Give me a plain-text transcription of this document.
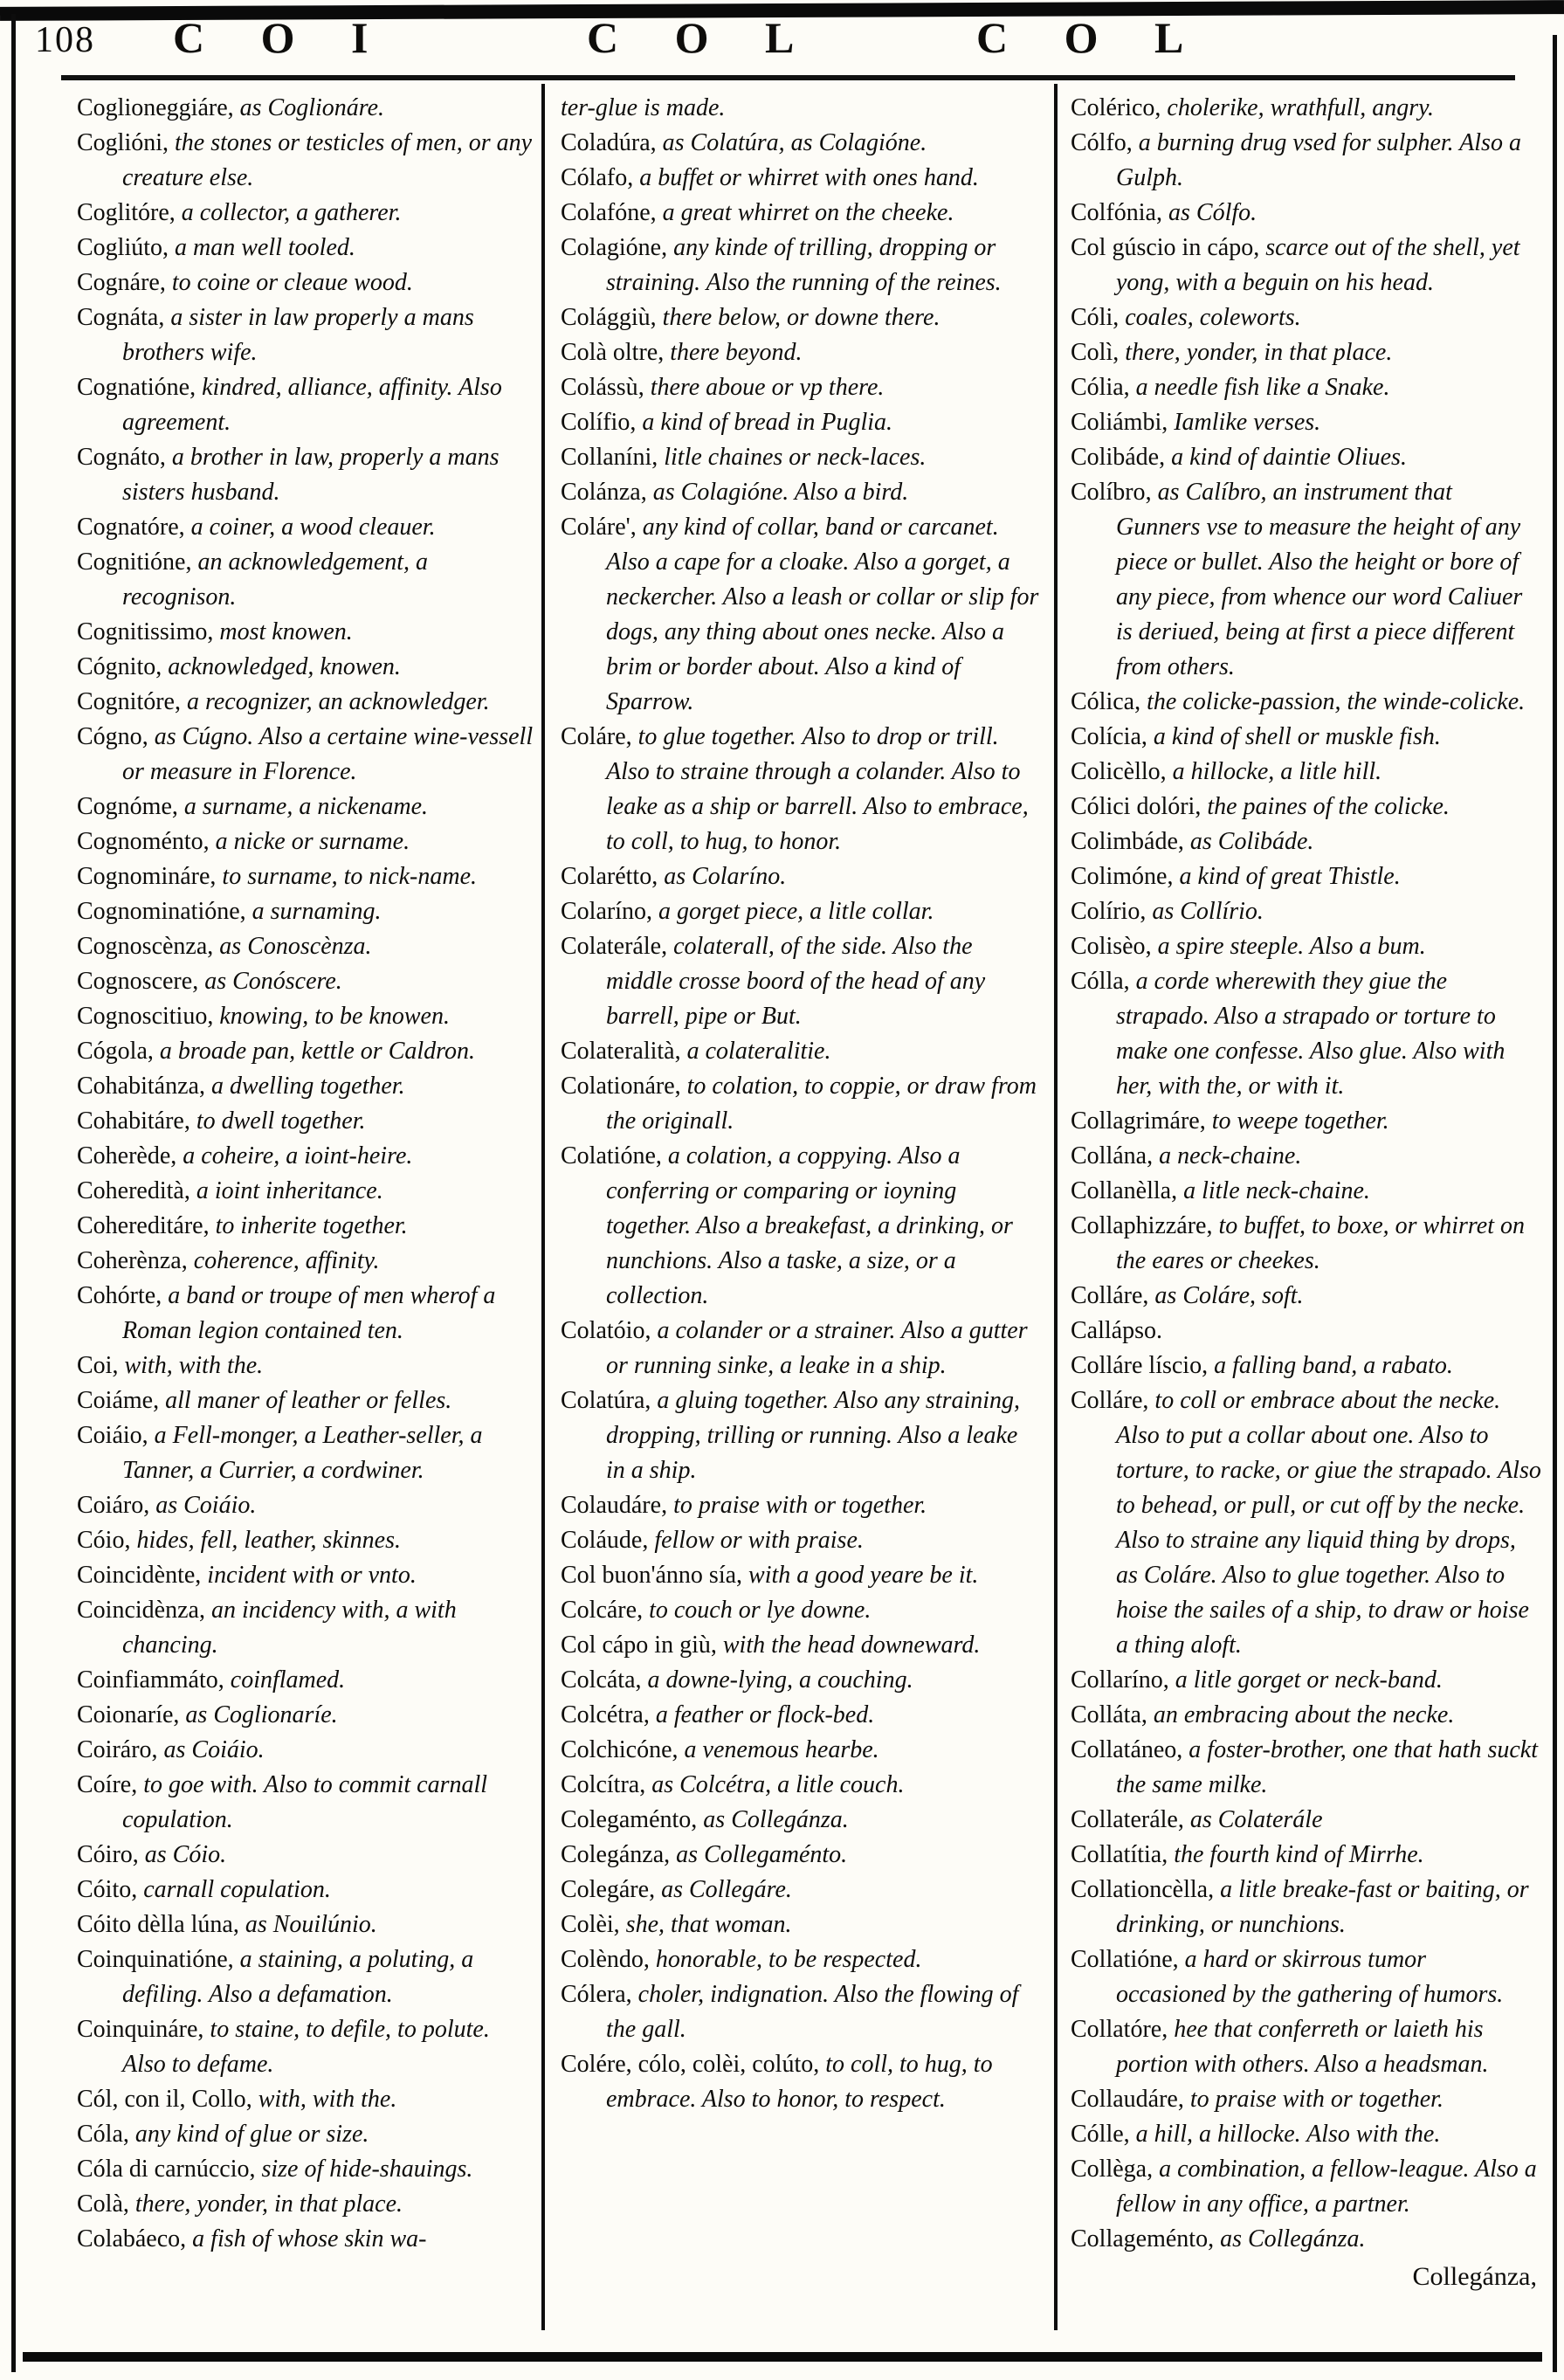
108 C O I	C O L	C O L

Coglioneggiáre, as Coglionáre.

Coglióni, the stones or testicles of men, or any creature else.

Coglitóre, a collector, a gatherer.

Cogliúto, a man well tooled.

Cognáre, to coine or cleaue wood.

Cognáta, a sister in law properly a mans brothers wife.

Cognatióne, kindred, alliance, affinity. Also agreement.

Cognáto, a brother in law, properly a mans sisters husband.

Cognatóre, a coiner, a wood cleauer.

Cognitióne, an acknowledgement, a recognison.

Cognitissimo, most knowen.

Cógnito, acknowledged, knowen.

Cognitóre, a recognizer, an acknowledger.

Cógno, as Cúgno. Also a certaine wine-vessell or measure in Florence.

Cognóme, a surname, a nickename.

Cognoménto, a nicke or surname.

Cognomináre, to surname, to nick-name.

Cognominatióne, a surnaming.

Cognoscènza, as Conoscènza.

Cognoscere, as Conóscere.

Cognoscitiuo, knowing, to be knowen.

Cógola, a broade pan, kettle or Caldron.

Cohabitánza, a dwelling together.

Cohabitáre, to dwell together.

Coherède, a coheire, a ioint-heire.

Coheredità, a ioint inheritance.

Cohereditáre, to inherite together.

Coherènza, coherence, affinity.

Cohórte, a band or troupe of men wherof a Roman legion contained ten.

Coi, with, with the.

Coiáme, all maner of leather or felles.

Coiáio, a Fell-monger, a Leather-seller, a Tanner, a Currier, a cordwiner.

Coiáro, as Coiáio.

Cóio, hides, fell, leather, skinnes.

Coincidènte, incident with or vnto.

Coincidènza, an incidency with, a with chancing.

Coinfiammáto, coinflamed.

Coionaríe, as Coglionaríe.

Coiráro, as Coiáio.

Coíre, to goe with. Also to commit carnall copulation.

Cóiro, as Cóio.

Cóito, carnall copulation.

Cóito dèlla lúna, as Nouilúnio.

Coinquinatióne, a staining, a poluting, a defiling. Also a defamation.

Coinquináre, to staine, to defile, to polute. Also to defame.

Cól, con il, Collo, with, with the.

Cóla, any kind of glue or size.

Cóla di carnúccio, size of hide-shauings.

Colà, there, yonder, in that place.

Colabáeco, a fish of whose skin wa-

ter-glue is made.

Coladúra, as Colatúra, as Colagióne.

Cólafo, a buffet or whirret with ones hand.

Colafóne, a great whirret on the cheeke.

Colagióne, any kinde of trilling, dropping or straining. Also the running of the reines.

Colággiù, there below, or downe there.

Colà oltre, there beyond.

Colássù, there aboue or vp there.

Colífio, a kind of bread in Puglia.

Collaníni, litle chaines or neck-laces.

Colánza, as Colagióne. Also a bird.

Coláre', any kind of collar, band or carcanet. Also a cape for a cloake. Also a gorget, a neckercher. Also a leash or collar or slip for dogs, any thing about ones necke. Also a brim or border about. Also a kind of Sparrow.

Coláre, to glue together. Also to drop or trill. Also to straine through a colander. Also to leake as a ship or barrell. Also to embrace, to coll, to hug, to honor.

Colarétto, as Colaríno.

Colaríno, a gorget piece, a litle collar.

Colaterále, colaterall, of the side. Also the middle crosse boord of the head of any barrell, pipe or But.

Colateralità, a colateralitie.

Colationáre, to colation, to coppie, or draw from the originall.

Colatióne, a colation, a coppying. Also a conferring or comparing or ioyning together. Also a breakefast, a drinking, or nunchions. Also a taske, a size, or a collection.

Colatóio, a colander or a strainer. Also a gutter or running sinke, a leake in a ship.

Colatúra, a gluing together. Also any straining, dropping, trilling or running. Also a leake in a ship.

Colaudáre, to praise with or together.

Coláude, fellow or with praise.

Col buon'ánno sía, with a good yeare be it.

Colcáre, to couch or lye downe.

Col cápo in giù, with the head downeward.

Colcáta, a downe-lying, a couching.

Colcétra, a feather or flock-bed.

Colchicóne, a venemous hearbe.

Colcítra, as Colcétra, a litle couch.

Colegaménto, as Collegánza.

Colegánza, as Collegaménto.

Colegáre, as Collegáre.

Colèi, she, that woman.

Colèndo, honorable, to be respected.

Cólera, choler, indignation. Also the flowing of the gall.

Colére, cólo, colèi, colúto, to coll, to hug, to embrace. Also to honor, to respect.

Colérico, cholerike, wrathfull, angry.

Cólfo, a burning drug vsed for sulpher. Also a Gulph.

Colfónia, as Cólfo.

Col gúscio in cápo, scarce out of the shell, yet yong, with a beguin on his head.

Cóli, coales, coleworts.

Colì, there, yonder, in that place.

Cólia, a needle fish like a Snake.

Coliámbi, Iamlike verses.

Colibáde, a kind of daintie Oliues.

Colíbro, as Calíbro, an instrument that Gunners vse to measure the height of any piece or bullet. Also the height or bore of any piece, from whence our word Caliuer is deriued, being at first a piece different from others.

Cólica, the colicke-passion, the winde-colicke.

Colícia, a kind of shell or muskle fish.

Colicèllo, a hillocke, a litle hill.

Cólici dolóri, the paines of the colicke.

Colimbáde, as Colibáde.

Colimóne, a kind of great Thistle.

Colírio, as Collírio.

Colisèo, a spire steeple. Also a bum.

Cólla, a corde wherewith they giue the strapado. Also a strapado or torture to make one confesse. Also glue. Also with her, with the, or with it.

Collagrimáre, to weepe together.

Collána, a neck-chaine.

Collanèlla, a litle neck-chaine.

Collaphizzáre, to buffet, to boxe, or whirret on the eares or cheekes.

Colláre, as Coláre, soft.

Callápso.

Colláre líscio, a falling band, a rabato.

Colláre, to coll or embrace about the necke. Also to put a collar about one. Also to torture, to racke, or giue the strapado. Also to behead, or pull, or cut off by the necke. Also to straine any liquid thing by drops, as Coláre. Also to glue together. Also to hoise the sailes of a ship, to draw or hoise a thing aloft.

Collaríno, a litle gorget or neck-band.

Colláta, an embracing about the necke.

Collatáneo, a foster-brother, one that hath suckt the same milke.

Collaterále, as Colaterále

Collatítia, the fourth kind of Mirrhe.

Collationcèlla, a litle breake-fast or baiting, or drinking, or nunchions.

Collatióne, a hard or skirrous tumor occasioned by the gathering of humors.

Collatóre, hee that conferreth or laieth his portion with others. Also a headsman.

Collaudáre, to praise with or together.

Cólle, a hill, a hillocke. Also with the.

Collèga, a combination, a fellow-league. Also a fellow in any office, a partner.

Collageménto, as Collegánza.

Collegánza,
